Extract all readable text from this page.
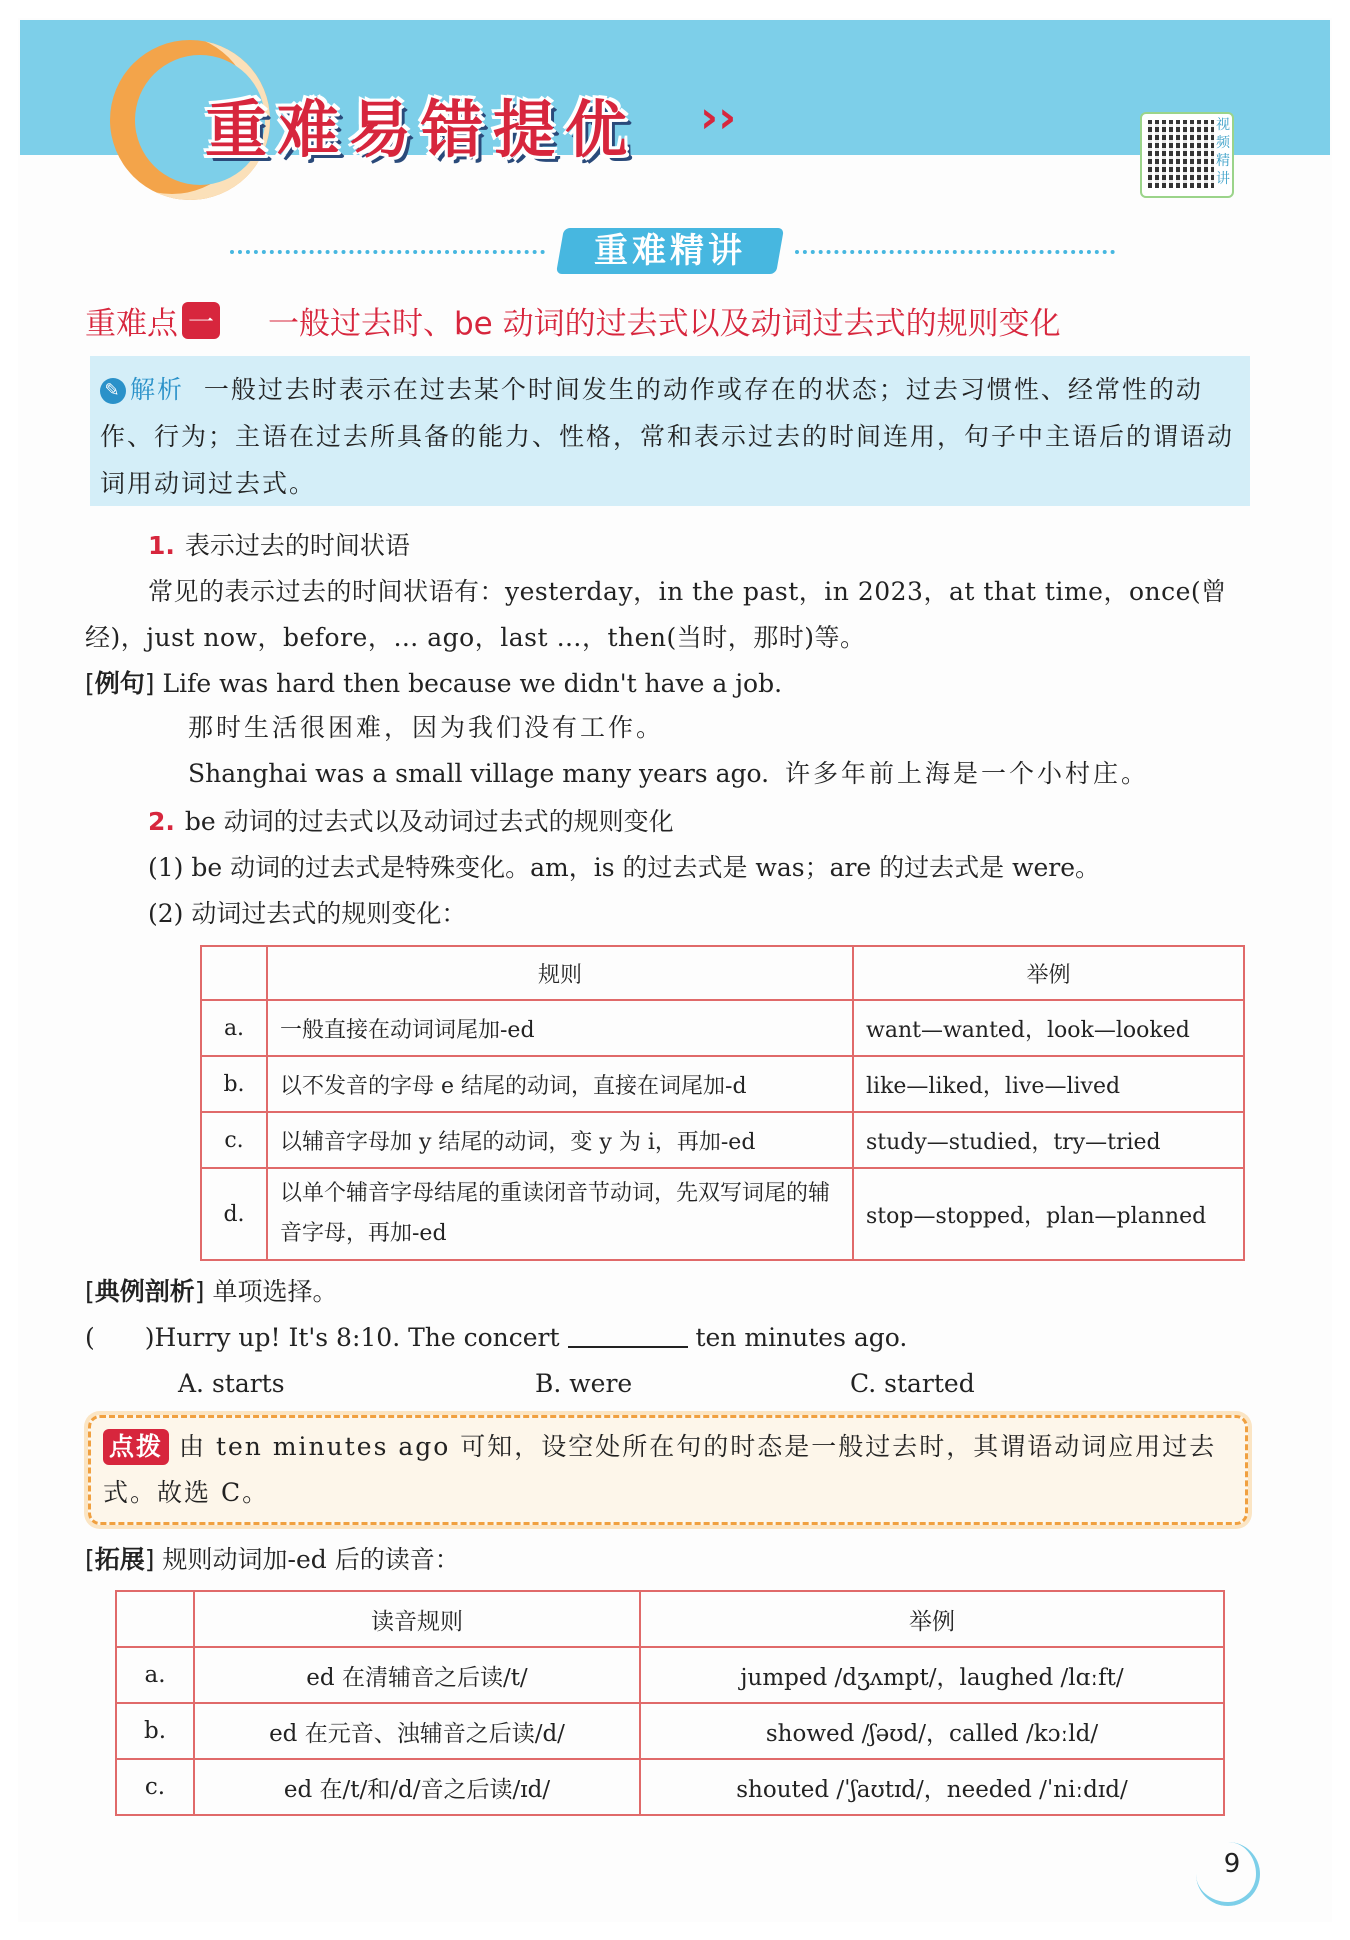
重难易错提优 ››	视频精讲
重难精讲
重难点 一 一般过去时、be 动词的过去式以及动词过去式的规则变化
✎ 解析 一般过去时表示在过去某个时间发生的动作或存在的状态；过去习惯性、经常性的动作、行为；主语在过去所具备的能力、性格，常和表示过去的时间连用，句子中主语后的谓语动词用动词过去式。
1. 表示过去的时间状语
常见的表示过去的时间状语有：yesterday，in the past，in 2023，at that time，once(曾
经)，just now，before，… ago，last …，then(当时，那时)等。
[例句] Life was hard then because we didn't have a job.
那时生活很困难，因为我们没有工作。
Shanghai was a small village many years ago. 许多年前上海是一个小村庄。
2. be 动词的过去式以及动词过去式的规则变化
(1) be 动词的过去式是特殊变化。am，is 的过去式是 was；are 的过去式是 were。
(2) 动词过去式的规则变化：
	规则	举例
a.	一般直接在动词词尾加-ed	want—wanted，look—looked
b.	以不发音的字母 e 结尾的动词，直接在词尾加-d	like—liked，live—lived
c.	以辅音字母加 y 结尾的动词，变 y 为 i，再加-ed	study—studied，try—tried
d.	以单个辅音字母结尾的重读闭音节动词，先双写词尾的辅音字母，再加-ed	stop—stopped，plan—planned
[典例剖析] 单项选择。
(　　)Hurry up! It's 8:10. The concert	ten minutes ago.
A. starts	B. were	C. started
点拨 由 ten minutes ago 可知，设空处所在句的时态是一般过去时，其谓语动词应用过去式。故选 C。
[拓展] 规则动词加-ed 后的读音：
	读音规则	举例
a.	ed 在清辅音之后读/t/	jumped /dʒʌmpt/，laughed /lɑːft/
b.	ed 在元音、浊辅音之后读/d/	showed /ʃəʊd/，called /kɔːld/
c.	ed 在/t/和/d/音之后读/ɪd/	shouted /ˈʃaʊtɪd/，needed /ˈniːdɪd/
9
